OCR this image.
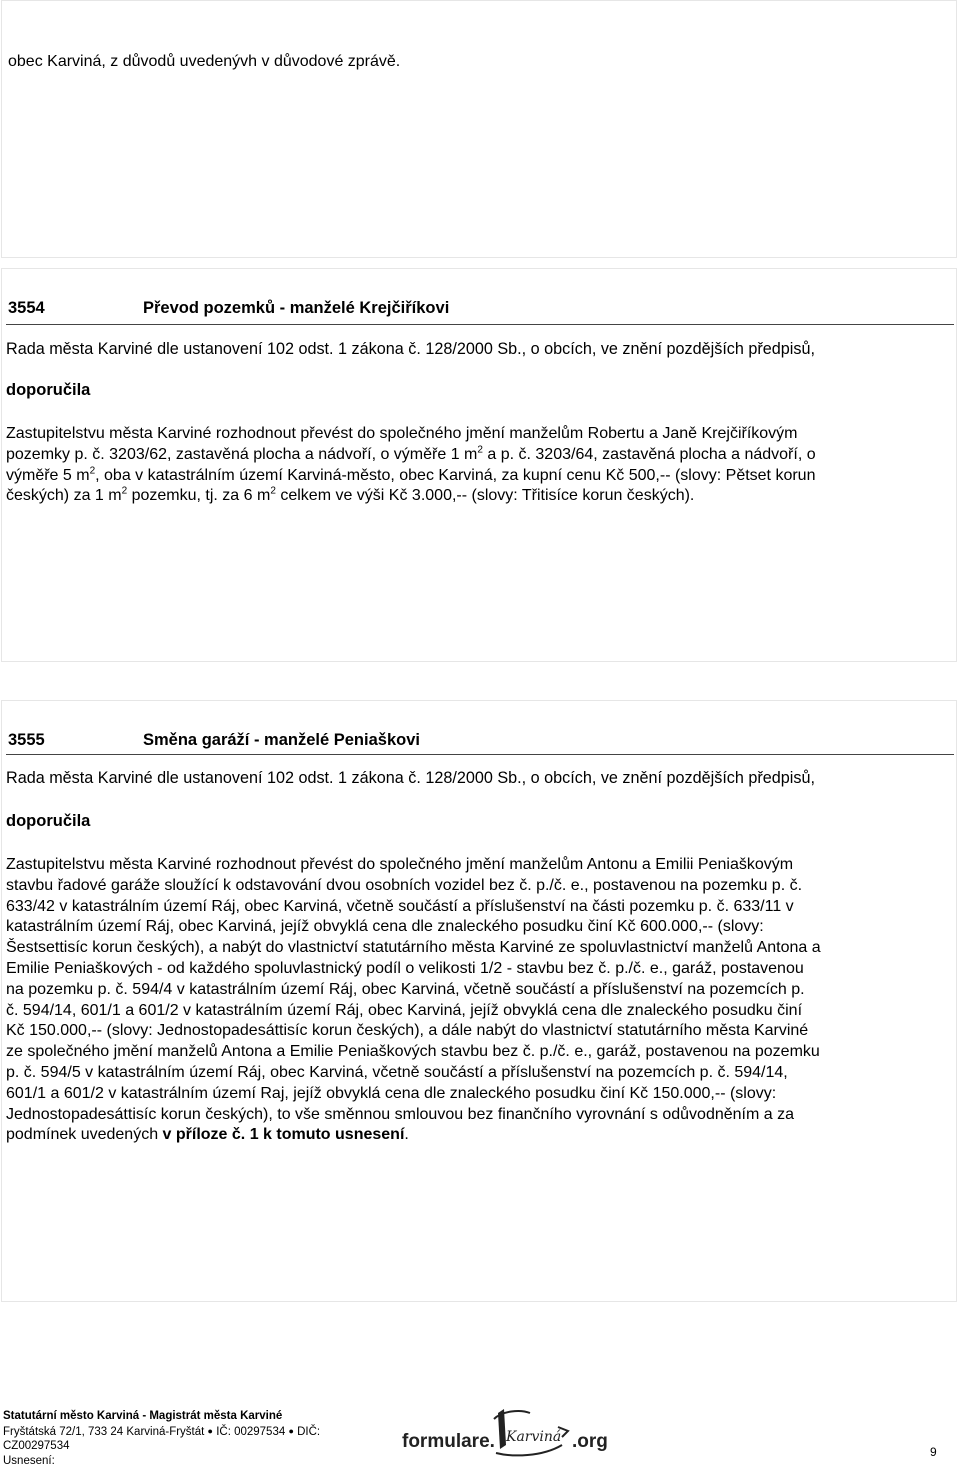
obec Karviná, z důvodů uvedenývh v důvodové zprávě.
3554	Převod pozemků - manželé Krejčiříkovi
Rada města Karviné dle ustanovení 102 odst. 1 zákona č. 128/2000 Sb., o obcích, ve znění pozdějších předpisů,
doporučila
Zastupitelstvu města Karviné rozhodnout převést do společného jmění manželům Robertu a Janě Krejčiříkovým
pozemky p. č. 3203/62, zastavěná plocha a nádvoří, o výměře 1 $m^2$ a p. č. 3203/64, zastavěná plocha a nádvoří, o
výměře 5 $m^2$, oba v katastrálním území Karviná-město, obec Karviná, za kupní cenu Kč 500,-- (slovy: Pětset korun
českých) za 1 $m^2$ pozemku, tj. za 6 $m^2$ celkem ve výši Kč 3.000,-- (slovy: Třitisíce korun českých).
3555	Směna garáží - manželé Peniaškovi
Rada města Karviné dle ustanovení 102 odst. 1 zákona č. 128/2000 Sb., o obcích, ve znění pozdějších předpisů,
doporučila
Zastupitelstvu města Karviné rozhodnout převést do společného jmění manželům Antonu a Emilii Peniaškovým
stavbu řadové garáže sloužící k odstavování dvou osobních vozidel bez č. p./č. e., postavenou na pozemku p. č.
633/42 v katastrálním území Ráj, obec Karviná, včetně součástí a příslušenství na části pozemku p. č. 633/11 v
katastrálním území Ráj, obec Karviná, jejíž obvyklá cena dle znaleckého posudku činí Kč 600.000,-- (slovy:
Šestsettisíc korun českých), a nabýt do vlastnictví statutárního města Karviné ze spoluvlastnictví manželů Antona a
Emilie Peniaškových - od každého spoluvlastnický podíl o velikosti 1/2 - stavbu bez č. p./č. e., garáž, postavenou
na pozemku p. č. 594/4 v katastrálním území Ráj, obec Karviná, včetně součástí a příslušenství na pozemcích p.
č. 594/14, 601/1 a 601/2 v katastrálním území Ráj, obec Karviná, jejíž obvyklá cena dle znaleckého posudku činí
Kč 150.000,-- (slovy: Jednostopadesáttisíc korun českých), a dále nabýt do vlastnictví statutárního města Karviné
ze společného jmění manželů Antona a Emilie Peniaškových stavbu bez č. p./č. e., garáž, postavenou na pozemku
p. č. 594/5 v katastrálním území Ráj, obec Karviná, včetně součástí a příslušenství na pozemcích p. č. 594/14,
601/1 a 601/2 v katastrálním území Raj, jejíž obvyklá cena dle znaleckého posudku činí Kč 150.000,-- (slovy:
Jednostopadesáttisíc korun českých), to vše směnnou smlouvou bez finančního vyrovnání s odůvodněním a za
podmínek uvedených v příloze č. 1 k tomuto usnesení.
Statutární město Karviná - Magistrát města Karviné
Fryštátská 72/1, 733 24 Karviná-Fryštát ● IČ: 00297534 ● DIČ:
CZ00297534
Usnesení:
formulare. Karviná .org	9
